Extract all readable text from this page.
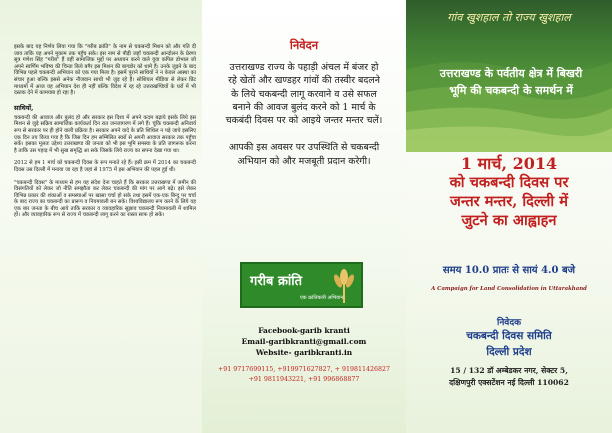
इसके बाद यह निर्णय लिया गया कि "गरीब क्रांति" के नाम से चकबन्दी मिशन को और गति दी जाय ताकि यह अपने मुकाम तक पहुँच सके। इस नाम से पौड़ी जहाँ चकबन्दी आन्दोलन के प्रेरणा सूत्र गणेश सिंह "गरीब" हैं वहीं सामाजिक मुद्दों पर अध्ययन करने वाले युवा कपिल डोभाल जो अपने स्वर्णिम भविष्य की चिन्ता किये बगैर इस मिशन की बागडोर को थामे हैं। उनके जुड़ने के बाद विभिन्न पहले चकबन्दी अभियान को एक गया मिला है। इसमें पुराने साथियों ने न केवल आस्था का संचार हुआ बल्कि इससे अनेक नौजवान साथी भी जुड़ रहे हैं। सोशियल मीडिया से लेकर प्रिंट माध्यमों में आज यह अभियान देश ही नहीं बल्कि विदेश में रह रहे उत्तराखण्डियों के घरों में भी दस्तक देने में कामयाब हो रहा है।

साथियों,

चकबन्दी की आवाज और बुलंद हो और सरकार इस दिशा में अपने कदम बढ़ाये इसके लिये इस मिशन से जुड़े सक्रिय सामाजिक कार्यकर्ता दिन रात जनजागरण में लगे हैं। चूंकि चकबन्दी अनिवार्य रूप से सरकार पर ही होने वाली प्रक्रिया है। सरकार अपने वादे के प्रति शिथिल न पड़े जाये इसलिए एक दिन तय किया गया है कि जिस दिन हम सम्मिलित स्वरों से अपनी आवाज सरकार तक पहुँचा सकें। इसका मूलतः उद्देश्य उत्तराखण्ड की जनता को भी इस भूमि समस्या के प्रति जागरूक करना है ताकि उस पहाड़ में भी सुख समृद्धि आ सके जिसके लिये राज्य का सपना देखा गया था।

2012 से हम 1 मार्च को चकबन्दी दिवस के रूप मनाते रहे हैं। इसी क्रम में 2014 का चकबन्दी दिवस उस दिल्ली में मनाया जा रहा है जहां से 1975 में इस अभियान की पहल हुई थी।

"चकबन्दी दिवस" के माध्यम से हम यह संदेश देना चाहते हैं कि सरकार उत्तराखण्ड में जमीन की विसंगतियों को लेकर जो नीति समझौता कर लेकर चकबन्दी की मांग पर आगे बढ़े। इसे लेकर विभिन्न प्रकार की शंकाओं व समस्याओं पर खासा चर्चा हो सके तथा इसमें एक-एक बिन्दु पर चर्चा के बाद राज्य का चकबन्दी का प्रारूप व नियमावली बन सके। विश्वविद्यालय रूप करने के लिये यह एक बार जनता के बीच आये ताकि सरकार व व्यावहारिक सुझाव चकबन्दी नियमावली में शामिल हों। और व्यावहारिक रूप से राज्य में चकबन्दी लागू करने का रास्ता साफ हो सके।

निवेदन
उत्तराखण्ड राज्य के पहाड़ी अंचल में बंजर हो रहे खेतों और खण्डहर गांवों की तस्वीर बदलने के लिये चकबन्दी लागू करवाने व उसे सफल बनाने की आवज बुलंद करने को 1 मार्च के चकबंदी दिवस पर को आइये जन्तर मन्तर चलें।
आपकी इस अवसर पर उपस्थिति से चकबन्दी अभियान को और मजबूती प्रदान करेगी।
गरीब क्रांति
एक क्रांतिकारी अभियान
Facebook-garib kranti
Email-garibkranti@gmail.com
Website- garibkranti.in
+91 9717699115, +919971627827, + 919811426827
+91 9811943221, +91 996868877
गांव खुशहाल तो राज्य खुशहाल
उत्तराखण्ड के पर्वतीय क्षेत्र में बिखरी
भूमि की चकबन्दी के समर्थन में
1 मार्च, 2014
को चकबन्दी दिवस पर
जन्तर मन्तर, दिल्ली में
जुटने का आह्वाहन
समय 10.0 प्रातः से सायं 4.0 बजे
A Campaign for Land Consolidation in Uttarakhand
निवेदक
चकबन्दी दिवस समिति
दिल्ली प्रदेश
15 / 132 डॉ अम्बेडकर नगर, सेक्टर 5,
दक्षिणपुरी एक्सटेंशन नई दिल्ली 110062
